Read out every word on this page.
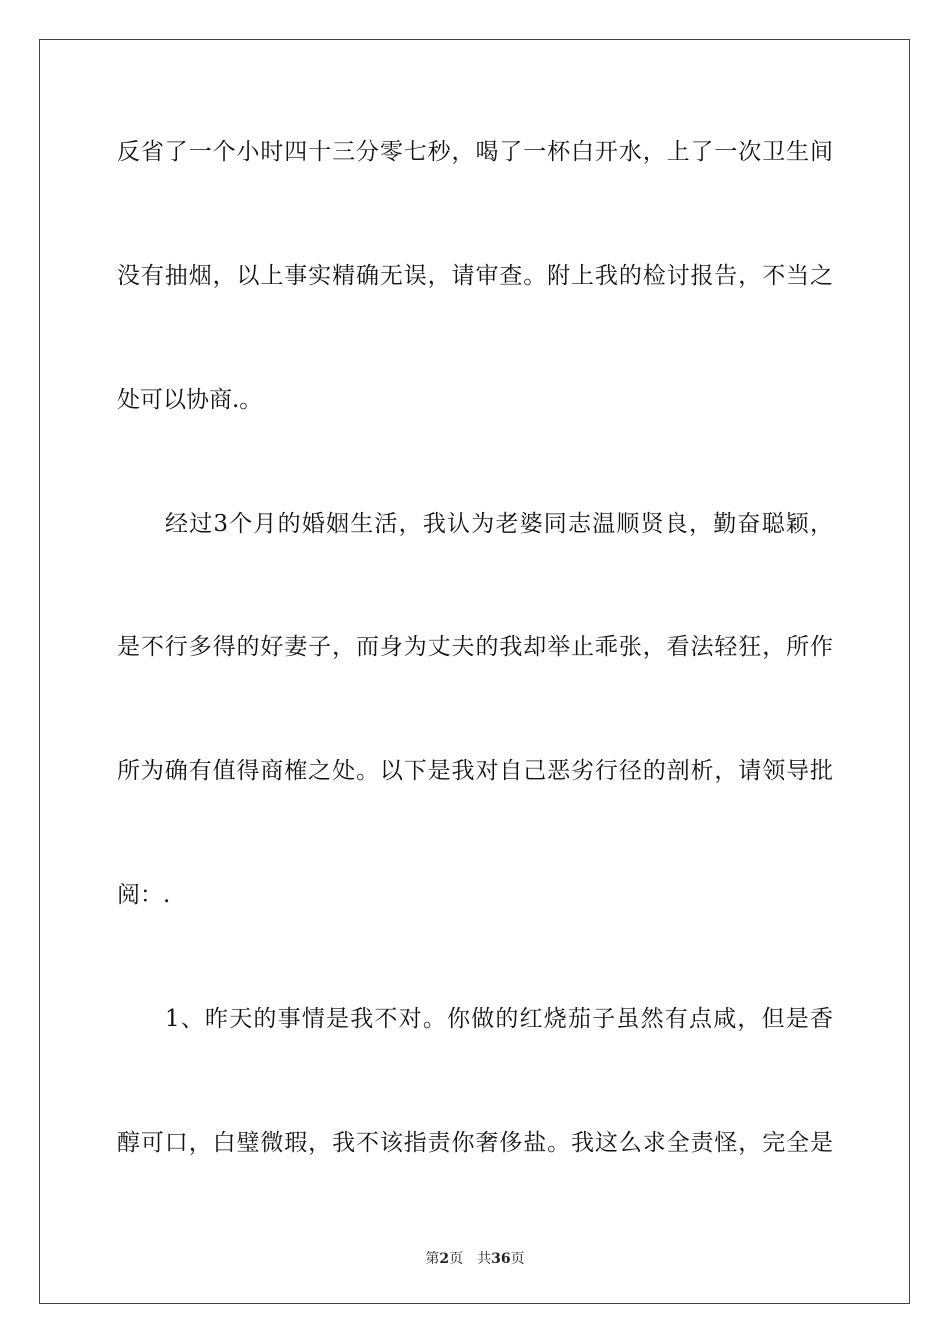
反省了一个小时四十三分零七秒，喝了一杯白开水，上了一次卫生间

没有抽烟，以上事实精确无误，请审查。附上我的检讨报告，不当之

处可以协商.。

经过3个月的婚姻生活，我认为老婆同志温顺贤良，勤奋聪颖，

是不行多得的好妻子，而身为丈夫的我却举止乖张，看法轻狂，所作

所为确有值得商榷之处。以下是我对自己恶劣行径的剖析，请领导批

阅：.

1、昨天的事情是我不对。你做的红烧茄子虽然有点咸，但是香

醇可口，白璧微瑕，我不该指责你奢侈盐。我这么求全责怪，完全是

第2页 共36页
